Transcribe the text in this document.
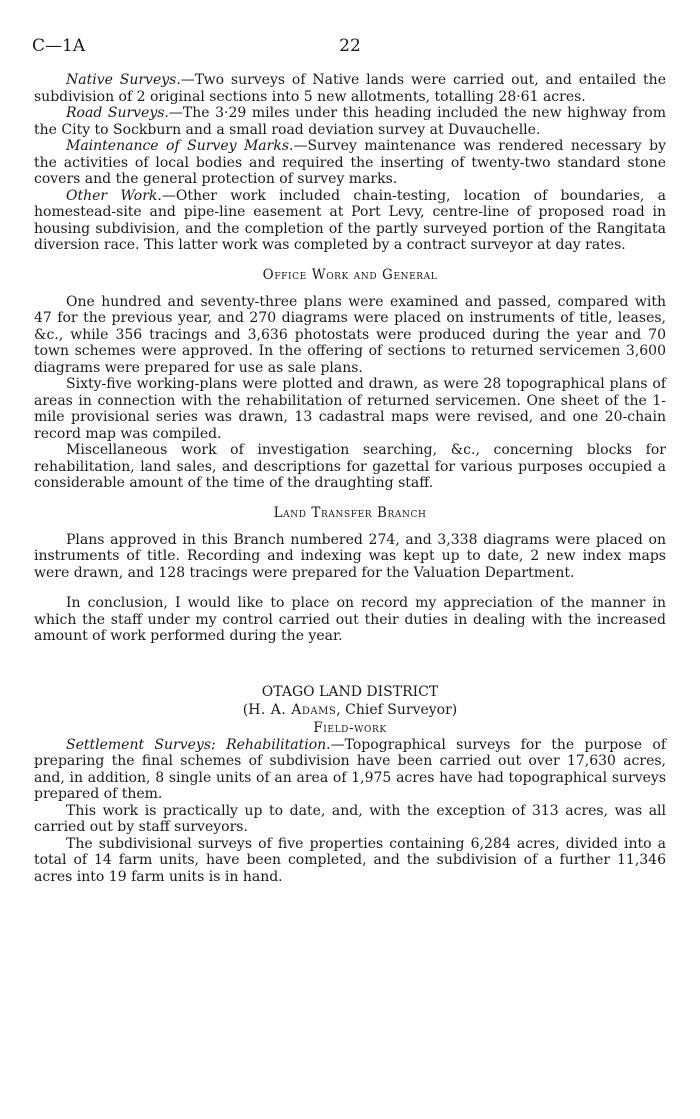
C—1A	22

Native Surveys.—Two surveys of Native lands were carried out, and entailed the subdivision of 2 original sections into 5 new allotments, totalling 28·61 acres.

Road Surveys.—The 3·29 miles under this heading included the new highway from the City to Sockburn and a small road deviation survey at Duvauchelle.

Maintenance of Survey Marks.—Survey maintenance was rendered necessary by the activities of local bodies and required the inserting of twenty-two standard stone covers and the general protection of survey marks.

Other Work.—Other work included chain-testing, location of boundaries, a homestead-site and pipe-line easement at Port Levy, centre-line of proposed road in housing subdivision, and the completion of the partly surveyed portion of the Rangitata diversion race. This latter work was completed by a contract surveyor at day rates.

Office Work and General

One hundred and seventy-three plans were examined and passed, compared with 47 for the previous year, and 270 diagrams were placed on instruments of title, leases, &c., while 356 tracings and 3,636 photostats were produced during the year and 70 town schemes were approved. In the offering of sections to returned servicemen 3,600 diagrams were prepared for use as sale plans.

Sixty-five working-plans were plotted and drawn, as were 28 topographical plans of areas in connection with the rehabilitation of returned servicemen. One sheet of the 1-mile provisional series was drawn, 13 cadastral maps were revised, and one 20-chain record map was compiled.

Miscellaneous work of investigation searching, &c., concerning blocks for rehabilitation, land sales, and descriptions for gazettal for various purposes occupied a considerable amount of the time of the draughting staff.

Land Transfer Branch

Plans approved in this Branch numbered 274, and 3,338 diagrams were placed on instruments of title. Recording and indexing was kept up to date, 2 new index maps were drawn, and 128 tracings were prepared for the Valuation Department.

In conclusion, I would like to place on record my appreciation of the manner in which the staff under my control carried out their duties in dealing with the increased amount of work performed during the year.

OTAGO LAND DISTRICT
(H. A. Adams, Chief Surveyor)
Field-work

Settlement Surveys: Rehabilitation.—Topographical surveys for the purpose of preparing the final schemes of subdivision have been carried out over 17,630 acres, and, in addition, 8 single units of an area of 1,975 acres have had topographical surveys prepared of them.

This work is practically up to date, and, with the exception of 313 acres, was all carried out by staff surveyors.

The subdivisional surveys of five properties containing 6,284 acres, divided into a total of 14 farm units, have been completed, and the subdivision of a further 11,346 acres into 19 farm units is in hand.
